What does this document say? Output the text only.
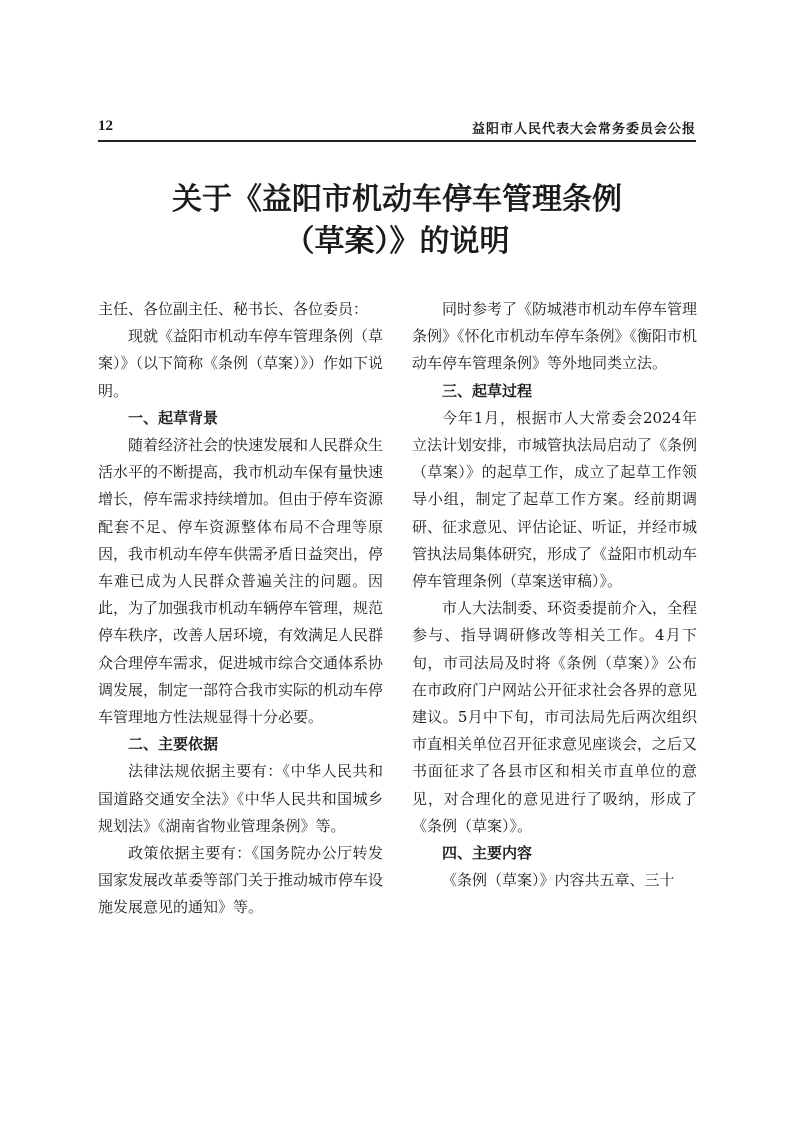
12	益阳市人民代表大会常务委员会公报
关于《益阳市机动车停车管理条例
（草案）》的说明

主任、各位副主任、秘书长、各位委员：

现就《益阳市机动车停车管理条例（草案）》（以下简称《条例（草案）》）作如下说明。

一、起草背景

随着经济社会的快速发展和人民群众生活水平的不断提高，我市机动车保有量快速增长，停车需求持续增加。但由于停车资源配套不足、停车资源整体布局不合理等原因，我市机动车停车供需矛盾日益突出，停车难已成为人民群众普遍关注的问题。因此，为了加强我市机动车辆停车管理，规范停车秩序，改善人居环境，有效满足人民群众合理停车需求，促进城市综合交通体系协调发展，制定一部符合我市实际的机动车停车管理地方性法规显得十分必要。

二、主要依据

法律法规依据主要有：《中华人民共和国道路交通安全法》《中华人民共和国城乡规划法》《湖南省物业管理条例》等。

政策依据主要有：《国务院办公厅转发国家发展改革委等部门关于推动城市停车设施发展意见的通知》等。

同时参考了《防城港市机动车停车管理条例》《怀化市机动车停车条例》《衡阳市机动车停车管理条例》等外地同类立法。

三、起草过程

今年1月，根据市人大常委会2024年立法计划安排，市城管执法局启动了《条例（草案）》的起草工作，成立了起草工作领导小组，制定了起草工作方案。经前期调研、征求意见、评估论证、听证，并经市城管执法局集体研究，形成了《益阳市机动车停车管理条例（草案送审稿）》。

市人大法制委、环资委提前介入，全程参与、指导调研修改等相关工作。4月下旬，市司法局及时将《条例（草案）》公布在市政府门户网站公开征求社会各界的意见建议。5月中下旬，市司法局先后两次组织市直相关单位召开征求意见座谈会，之后又书面征求了各县市区和相关市直单位的意见，对合理化的意见进行了吸纳，形成了《条例（草案）》。

四、主要内容

《条例（草案）》内容共五章、三十
